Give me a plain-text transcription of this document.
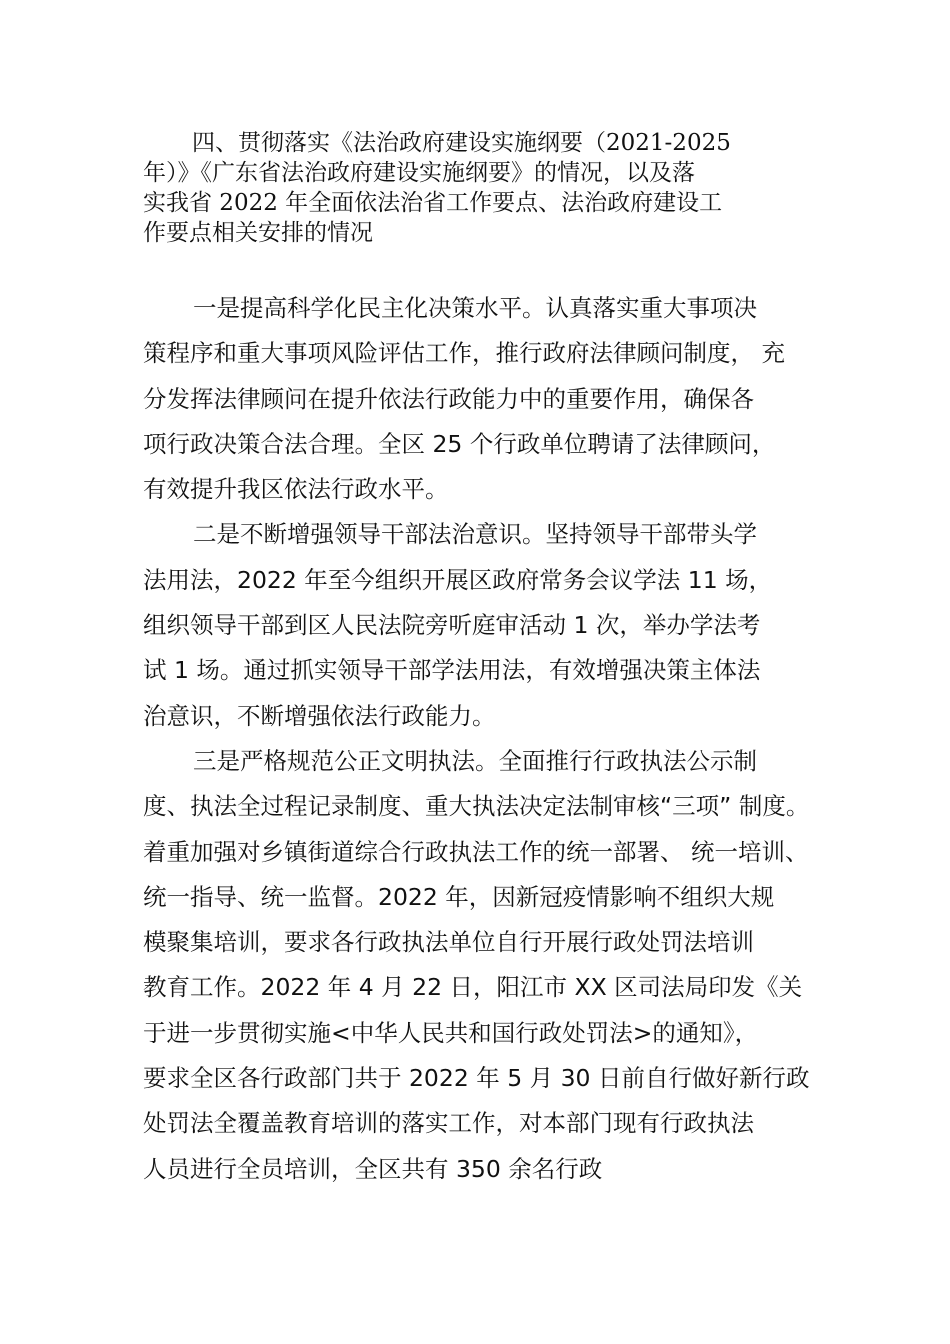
四、贯彻落实《法治政府建设实施纲要（2021-2025
年）》《广东省法治政府建设实施纲要》的情况，以及落
实我省 2022 年全面依法治省工作要点、法治政府建设工
作要点相关安排的情况

一是提高科学化民主化决策水平。认真落实重大事项决
策程序和重大事项风险评估工作，推行政府法律顾问制度， 充
分发挥法律顾问在提升依法行政能力中的重要作用，确保各
项行政决策合法合理。全区 25 个行政单位聘请了法律顾问，
有效提升我区依法行政水平。

二是不断增强领导干部法治意识。坚持领导干部带头学
法用法，2022 年至今组织开展区政府常务会议学法 11 场，
组织领导干部到区人民法院旁听庭审活动 1 次，举办学法考
试 1 场。通过抓实领导干部学法用法，有效增强决策主体法
治意识，不断增强依法行政能力。

三是严格规范公正文明执法。全面推行行政执法公示制
度、执法全过程记录制度、重大执法决定法制审核“三项” 制度。
着重加强对乡镇街道综合行政执法工作的统一部署、 统一培训、
统一指导、统一监督。2022 年，因新冠疫情影响不组织大规
模聚集培训，要求各行政执法单位自行开展行政处罚法培训
教育工作。2022 年 4 月 22 日，阳江市 XX 区司法局印发《关
于进一步贯彻实施<中华人民共和国行政处罚法>的通知》，
要求全区各行政部门共于 2022 年 5 月 30 日前自行做好新行政
处罚法全覆盖教育培训的落实工作，对本部门现有行政执法
人员进行全员培训，全区共有 350 余名行政
